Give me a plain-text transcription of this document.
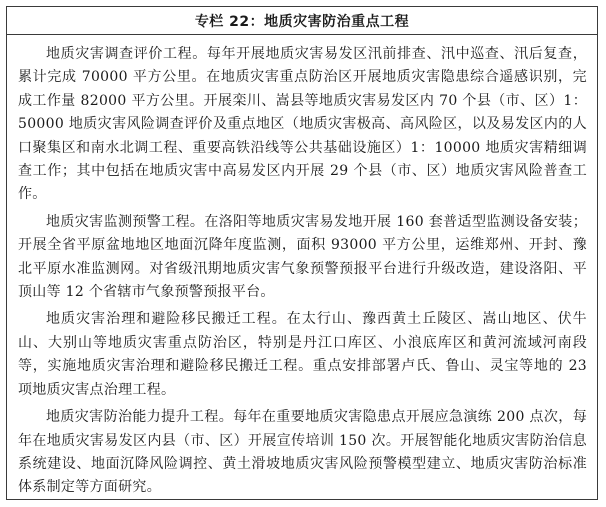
专栏 22：地质灾害防治重点工程

地质灾害调查评价工程。每年开展地质灾害易发区汛前排查、汛中巡查、汛后复查，累计完成 70000 平方公里。在地质灾害重点防治区开展地质灾害隐患综合遥感识别，完成工作量 82000 平方公里。开展栾川、嵩县等地质灾害易发区内 70 个县（市、区）1：50000 地质灾害风险调查评价及重点地区（地质灾害极高、高风险区，以及易发区内的人口聚集区和南水北调工程、重要高铁沿线等公共基础设施区）1：10000 地质灾害精细调查工作；其中包括在地质灾害中高易发区内开展 29 个县（市、区）地质灾害风险普查工作。

地质灾害监测预警工程。在洛阳等地质灾害易发地开展 160 套普适型监测设备安装；开展全省平原盆地地区地面沉降年度监测，面积 93000 平方公里，运维郑州、开封、豫北平原水准监测网。对省级汛期地质灾害气象预警预报平台进行升级改造，建设洛阳、平顶山等 12 个省辖市气象预警预报平台。

地质灾害治理和避险移民搬迁工程。在太行山、豫西黄土丘陵区、嵩山地区、伏牛山、大别山等地质灾害重点防治区，特别是丹江口库区、小浪底库区和黄河流域河南段等，实施地质灾害治理和避险移民搬迁工程。重点安排部署卢氏、鲁山、灵宝等地的 23 项地质灾害点治理工程。

地质灾害防治能力提升工程。每年在重要地质灾害隐患点开展应急演练 200 点次，每年在地质灾害易发区内县（市、区）开展宣传培训 150 次。开展智能化地质灾害防治信息系统建设、地面沉降风险调控、黄土滑坡地质灾害风险预警模型建立、地质灾害防治标准体系制定等方面研究。
